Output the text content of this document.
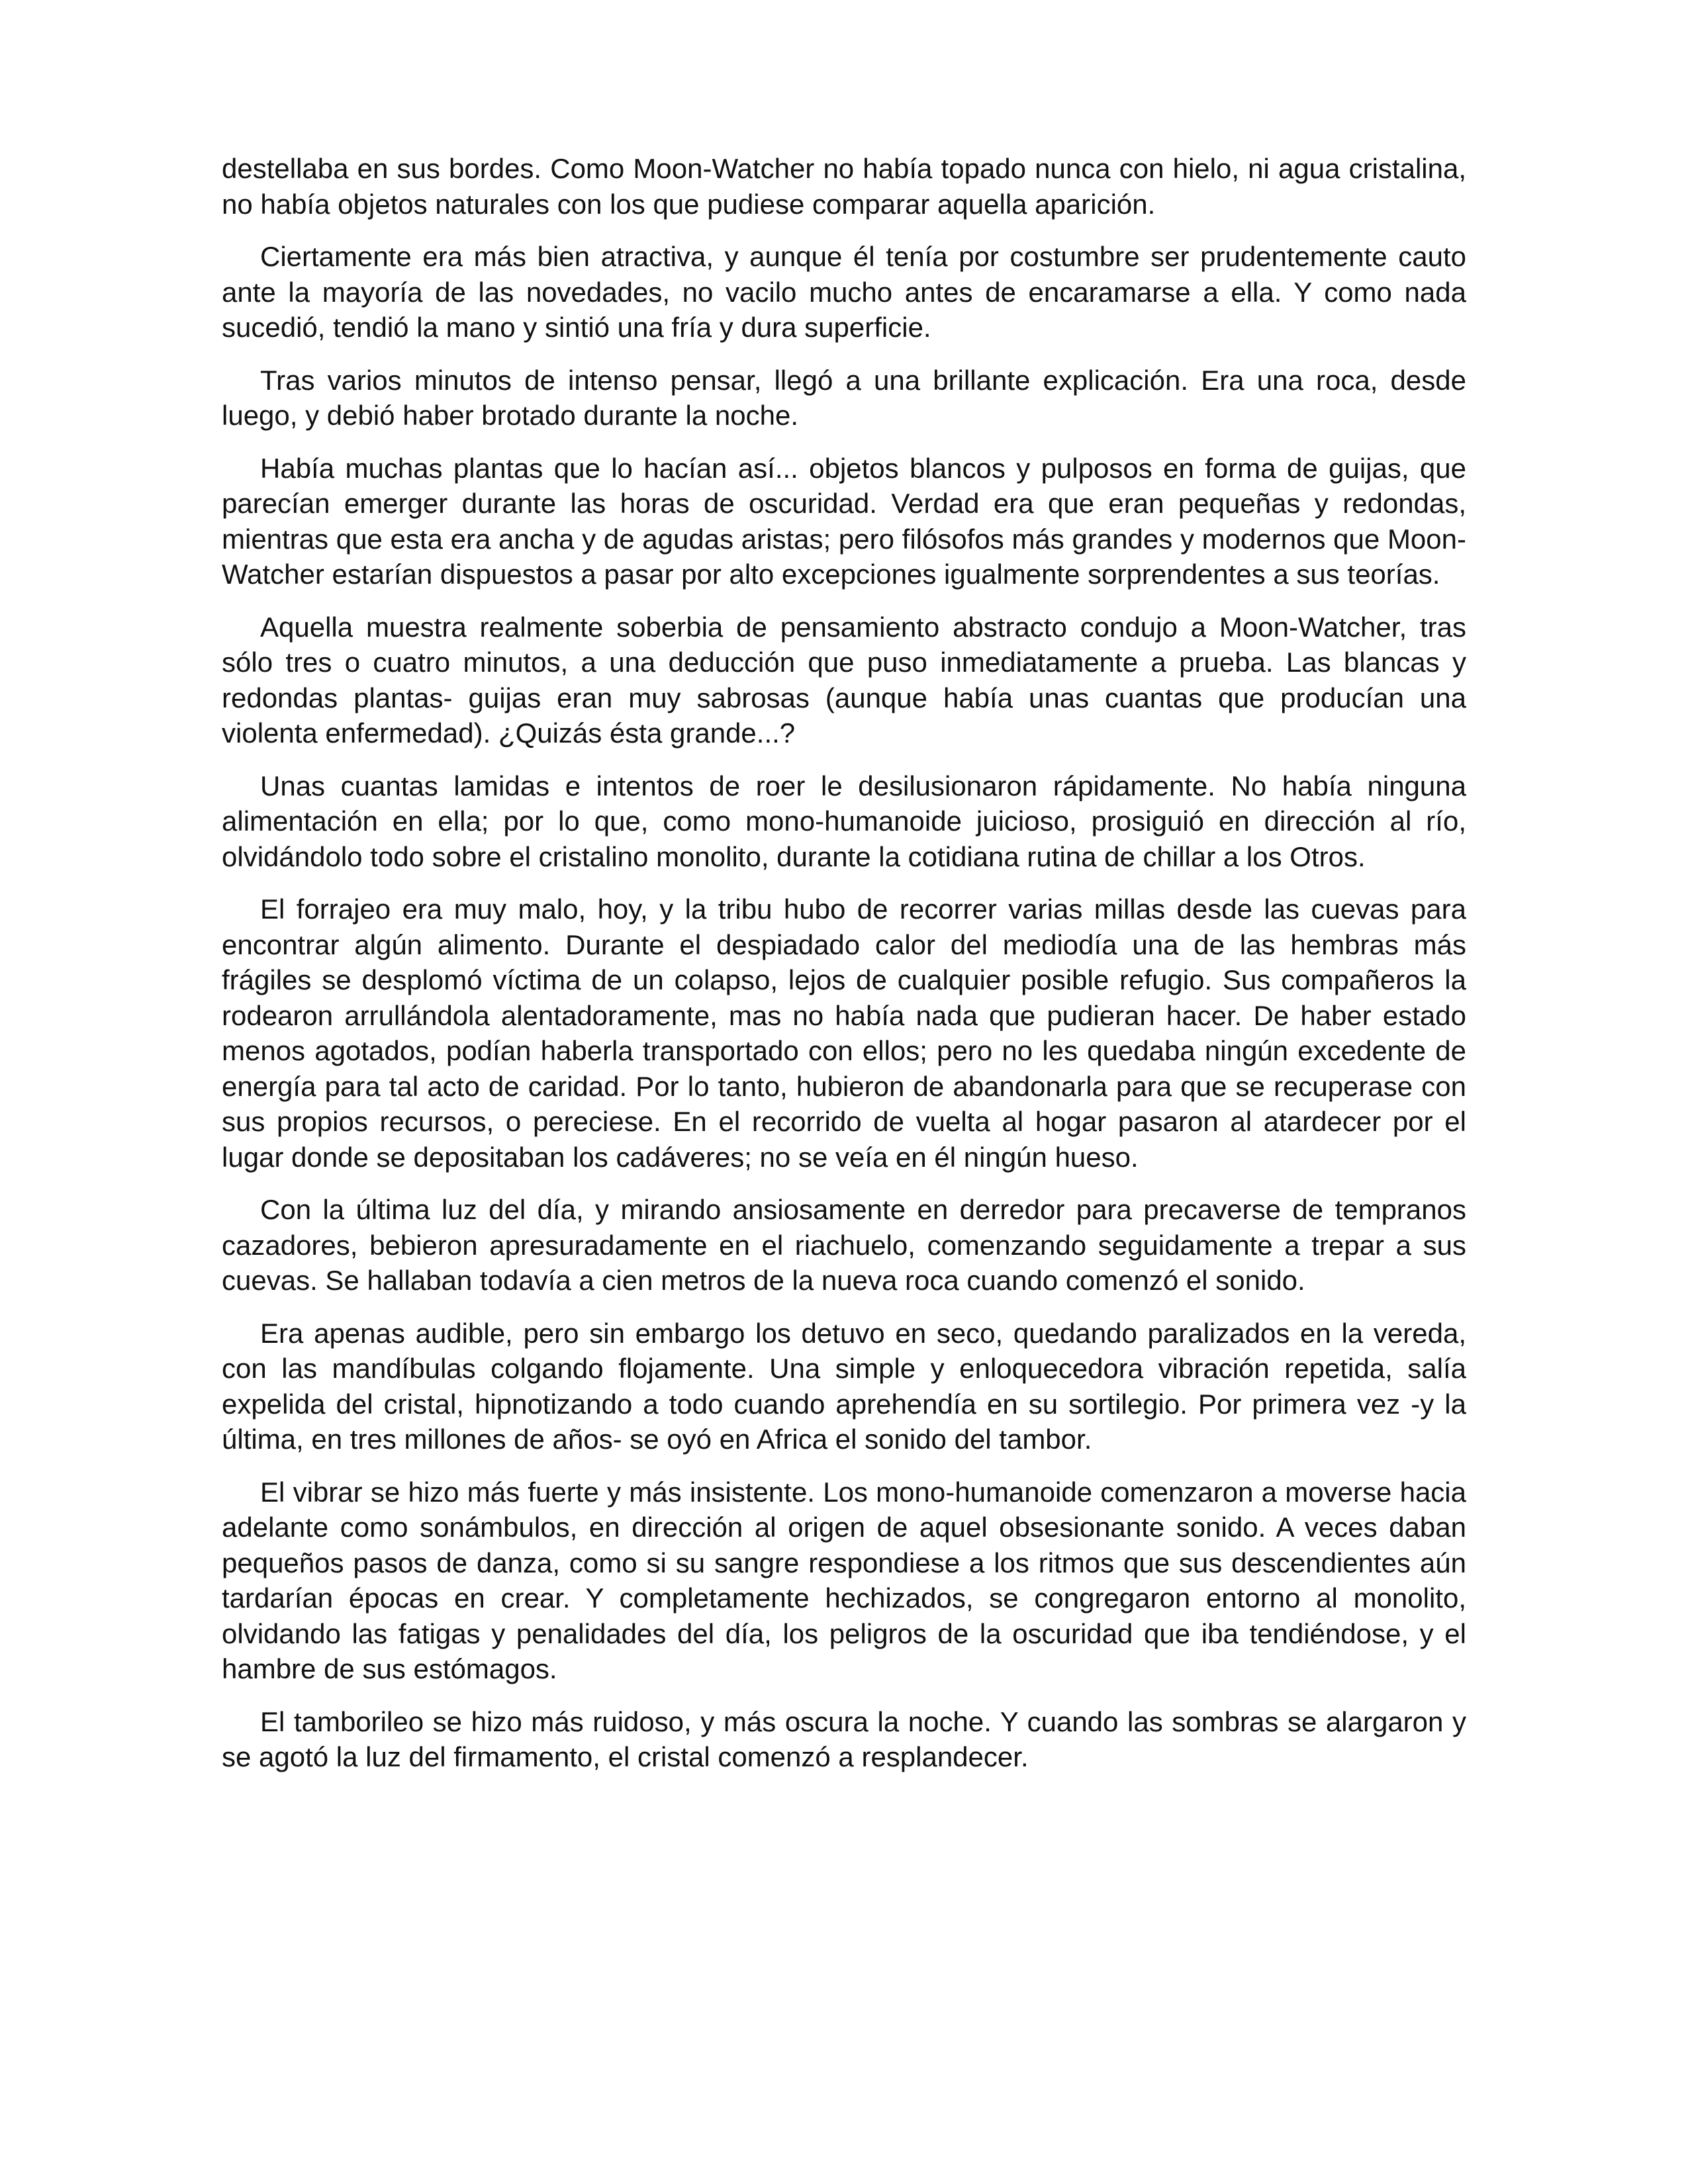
destellaba en sus bordes. Como Moon-Watcher no había topado nunca con hielo, ni agua cristalina, no había objetos naturales con los que pudiese comparar aquella aparición.

Ciertamente era más bien atractiva, y aunque él tenía por costumbre ser prudentemente cauto ante la mayoría de las novedades, no vacilo mucho antes de encaramarse a ella. Y como nada sucedió, tendió la mano y sintió una fría y dura superficie.

Tras varios minutos de intenso pensar, llegó a una brillante explicación. Era una roca, desde luego, y debió haber brotado durante la noche.

Había muchas plantas que lo hacían así... objetos blancos y pulposos en forma de guijas, que parecían emerger durante las horas de oscuridad. Verdad era que eran pequeñas y redondas, mientras que esta era ancha y de agudas aristas; pero filósofos más grandes y modernos que Moon-Watcher estarían dispuestos a pasar por alto excepciones igualmente sorprendentes a sus teorías.

Aquella muestra realmente soberbia de pensamiento abstracto condujo a Moon-Watcher, tras sólo tres o cuatro minutos, a una deducción que puso inmediatamente a prueba. Las blancas y redondas plantas- guijas eran muy sabrosas (aunque había unas cuantas que producían una violenta enfermedad). ¿Quizás ésta grande...?

Unas cuantas lamidas e intentos de roer le desilusionaron rápidamente. No había ninguna alimentación en ella; por lo que, como mono-humanoide juicioso, prosiguió en dirección al río, olvidándolo todo sobre el cristalino monolito, durante la cotidiana rutina de chillar a los Otros.

El forrajeo era muy malo, hoy, y la tribu hubo de recorrer varias millas desde las cuevas para encontrar algún alimento. Durante el despiadado calor del mediodía una de las hembras más frágiles se desplomó víctima de un colapso, lejos de cualquier posible refugio. Sus compañeros la rodearon arrullándola alentadoramente, mas no había nada que pudieran hacer. De haber estado menos agotados, podían haberla transportado con ellos; pero no les quedaba ningún excedente de energía para tal acto de caridad. Por lo tanto, hubieron de abandonarla para que se recuperase con sus propios recursos, o pereciese. En el recorrido de vuelta al hogar pasaron al atardecer por el lugar donde se depositaban los cadáveres; no se veía en él ningún hueso.

Con la última luz del día, y mirando ansiosamente en derredor para precaverse de tempranos cazadores, bebieron apresuradamente en el riachuelo, comenzando seguidamente a trepar a sus cuevas. Se hallaban todavía a cien metros de la nueva roca cuando comenzó el sonido.

Era apenas audible, pero sin embargo los detuvo en seco, quedando paralizados en la vereda, con las mandíbulas colgando flojamente. Una simple y enloquecedora vibración repetida, salía expelida del cristal, hipnotizando a todo cuando aprehendía en su sortilegio. Por primera vez -y la última, en tres millones de años- se oyó en Africa el sonido del tambor.

El vibrar se hizo más fuerte y más insistente. Los mono-humanoide comenzaron a moverse hacia adelante como sonámbulos, en dirección al origen de aquel obsesionante sonido. A veces daban pequeños pasos de danza, como si su sangre respondiese a los ritmos que sus descendientes aún tardarían épocas en crear. Y completamente hechizados, se congregaron entorno al monolito, olvidando las fatigas y penalidades del día, los peligros de la oscuridad que iba tendiéndose, y el hambre de sus estómagos.

El tamborileo se hizo más ruidoso, y más oscura la noche. Y cuando las sombras se alargaron y se agotó la luz del firmamento, el cristal comenzó a resplandecer.
